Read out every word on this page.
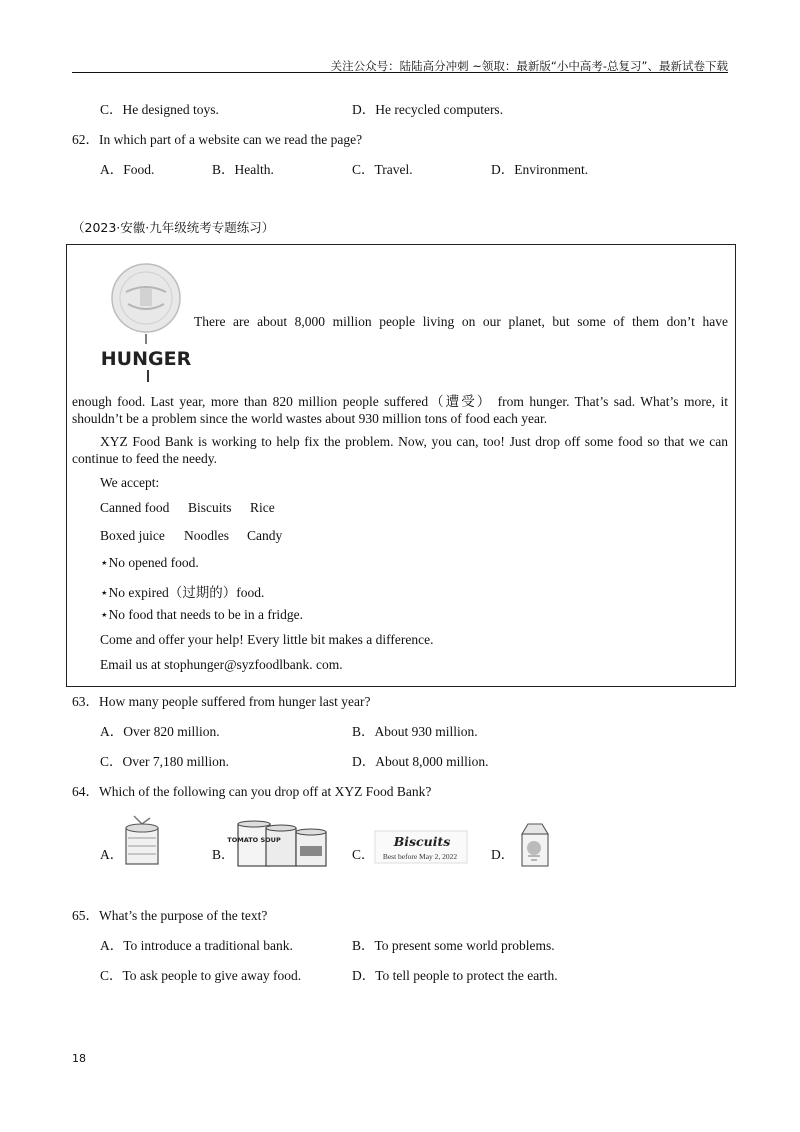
关注公众号：陆陆高分冲刺 ~领取：最新版“小中高考-总复习”、最新试卷下载
C．He designed toys.	D．He recycled computers.
62．In which part of a website can we read the page?
A．Food.	B．Health.	C．Travel.	D．Environment.
（2023·安徽·九年级统考专题练习）
HUNGER
There are about 8,000 million people living on our planet, but some of them don’t have
enough food. Last year, more than 820 million people suffered（遭受） from hunger. That’s sad. What’s more, it shouldn’t be a problem since the world wastes about 930 million tons of food each year.
XYZ Food Bank is working to help fix the problem. Now, you can, too! Just drop off some food so that we can continue to feed the needy.
We accept:
Canned food Biscuits Rice
Boxed juice Noodles Candy
⋆No opened food.
⋆No expired（过期的）food.
⋆No food that needs to be in a fridge.
Come and offer your help! Every little bit makes a difference.
Email us at stophunger@syzfoodlbank. com.
63．How many people suffered from hunger last year?
A．Over 820 million.	B．About 930 million.
C．Over 7,180 million.	D．About 8,000 million.
64．Which of the following can you drop off at XYZ Food Bank?
A．	B．
TOMATO SOUP
C．
Biscuits
Best before May 2, 2022	D．
65．What’s the purpose of the text?
A．To introduce a traditional bank.	B．To present some world problems.
C．To ask people to give away food.	D．To tell people to protect the earth.
18
